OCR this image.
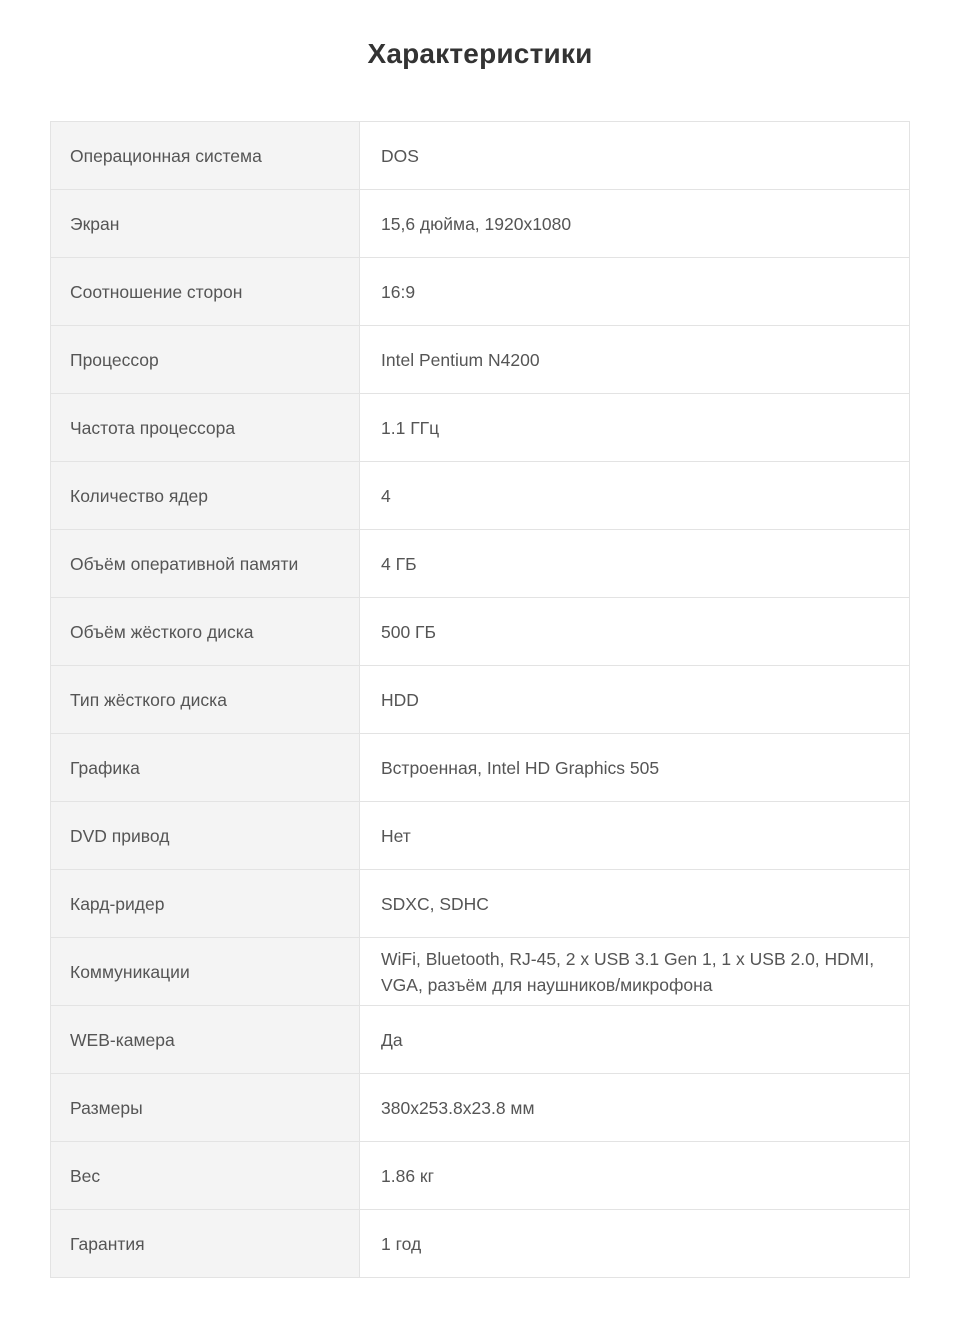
Характеристики
Операционная система	DOS
Экран	15,6 дюйма, 1920x1080
Соотношение сторон	16:9
Процессор	Intel Pentium N4200
Частота процессора	1.1 ГГц
Количество ядер	4
Объём оперативной памяти	4 ГБ
Объём жёсткого диска	500 ГБ
Тип жёсткого диска	HDD
Графика	Встроенная, Intel HD Graphics 505
DVD привод	Нет
Кард-ридер	SDXC, SDHC
Коммуникации	WiFi, Bluetooth, RJ-45, 2 x USB 3.1 Gen 1, 1 x USB 2.0, HDMI, VGA, разъём для наушников/микрофона
WEB-камера	Да
Размеры	380x253.8x23.8 мм
Вес	1.86 кг
Гарантия	1 год
